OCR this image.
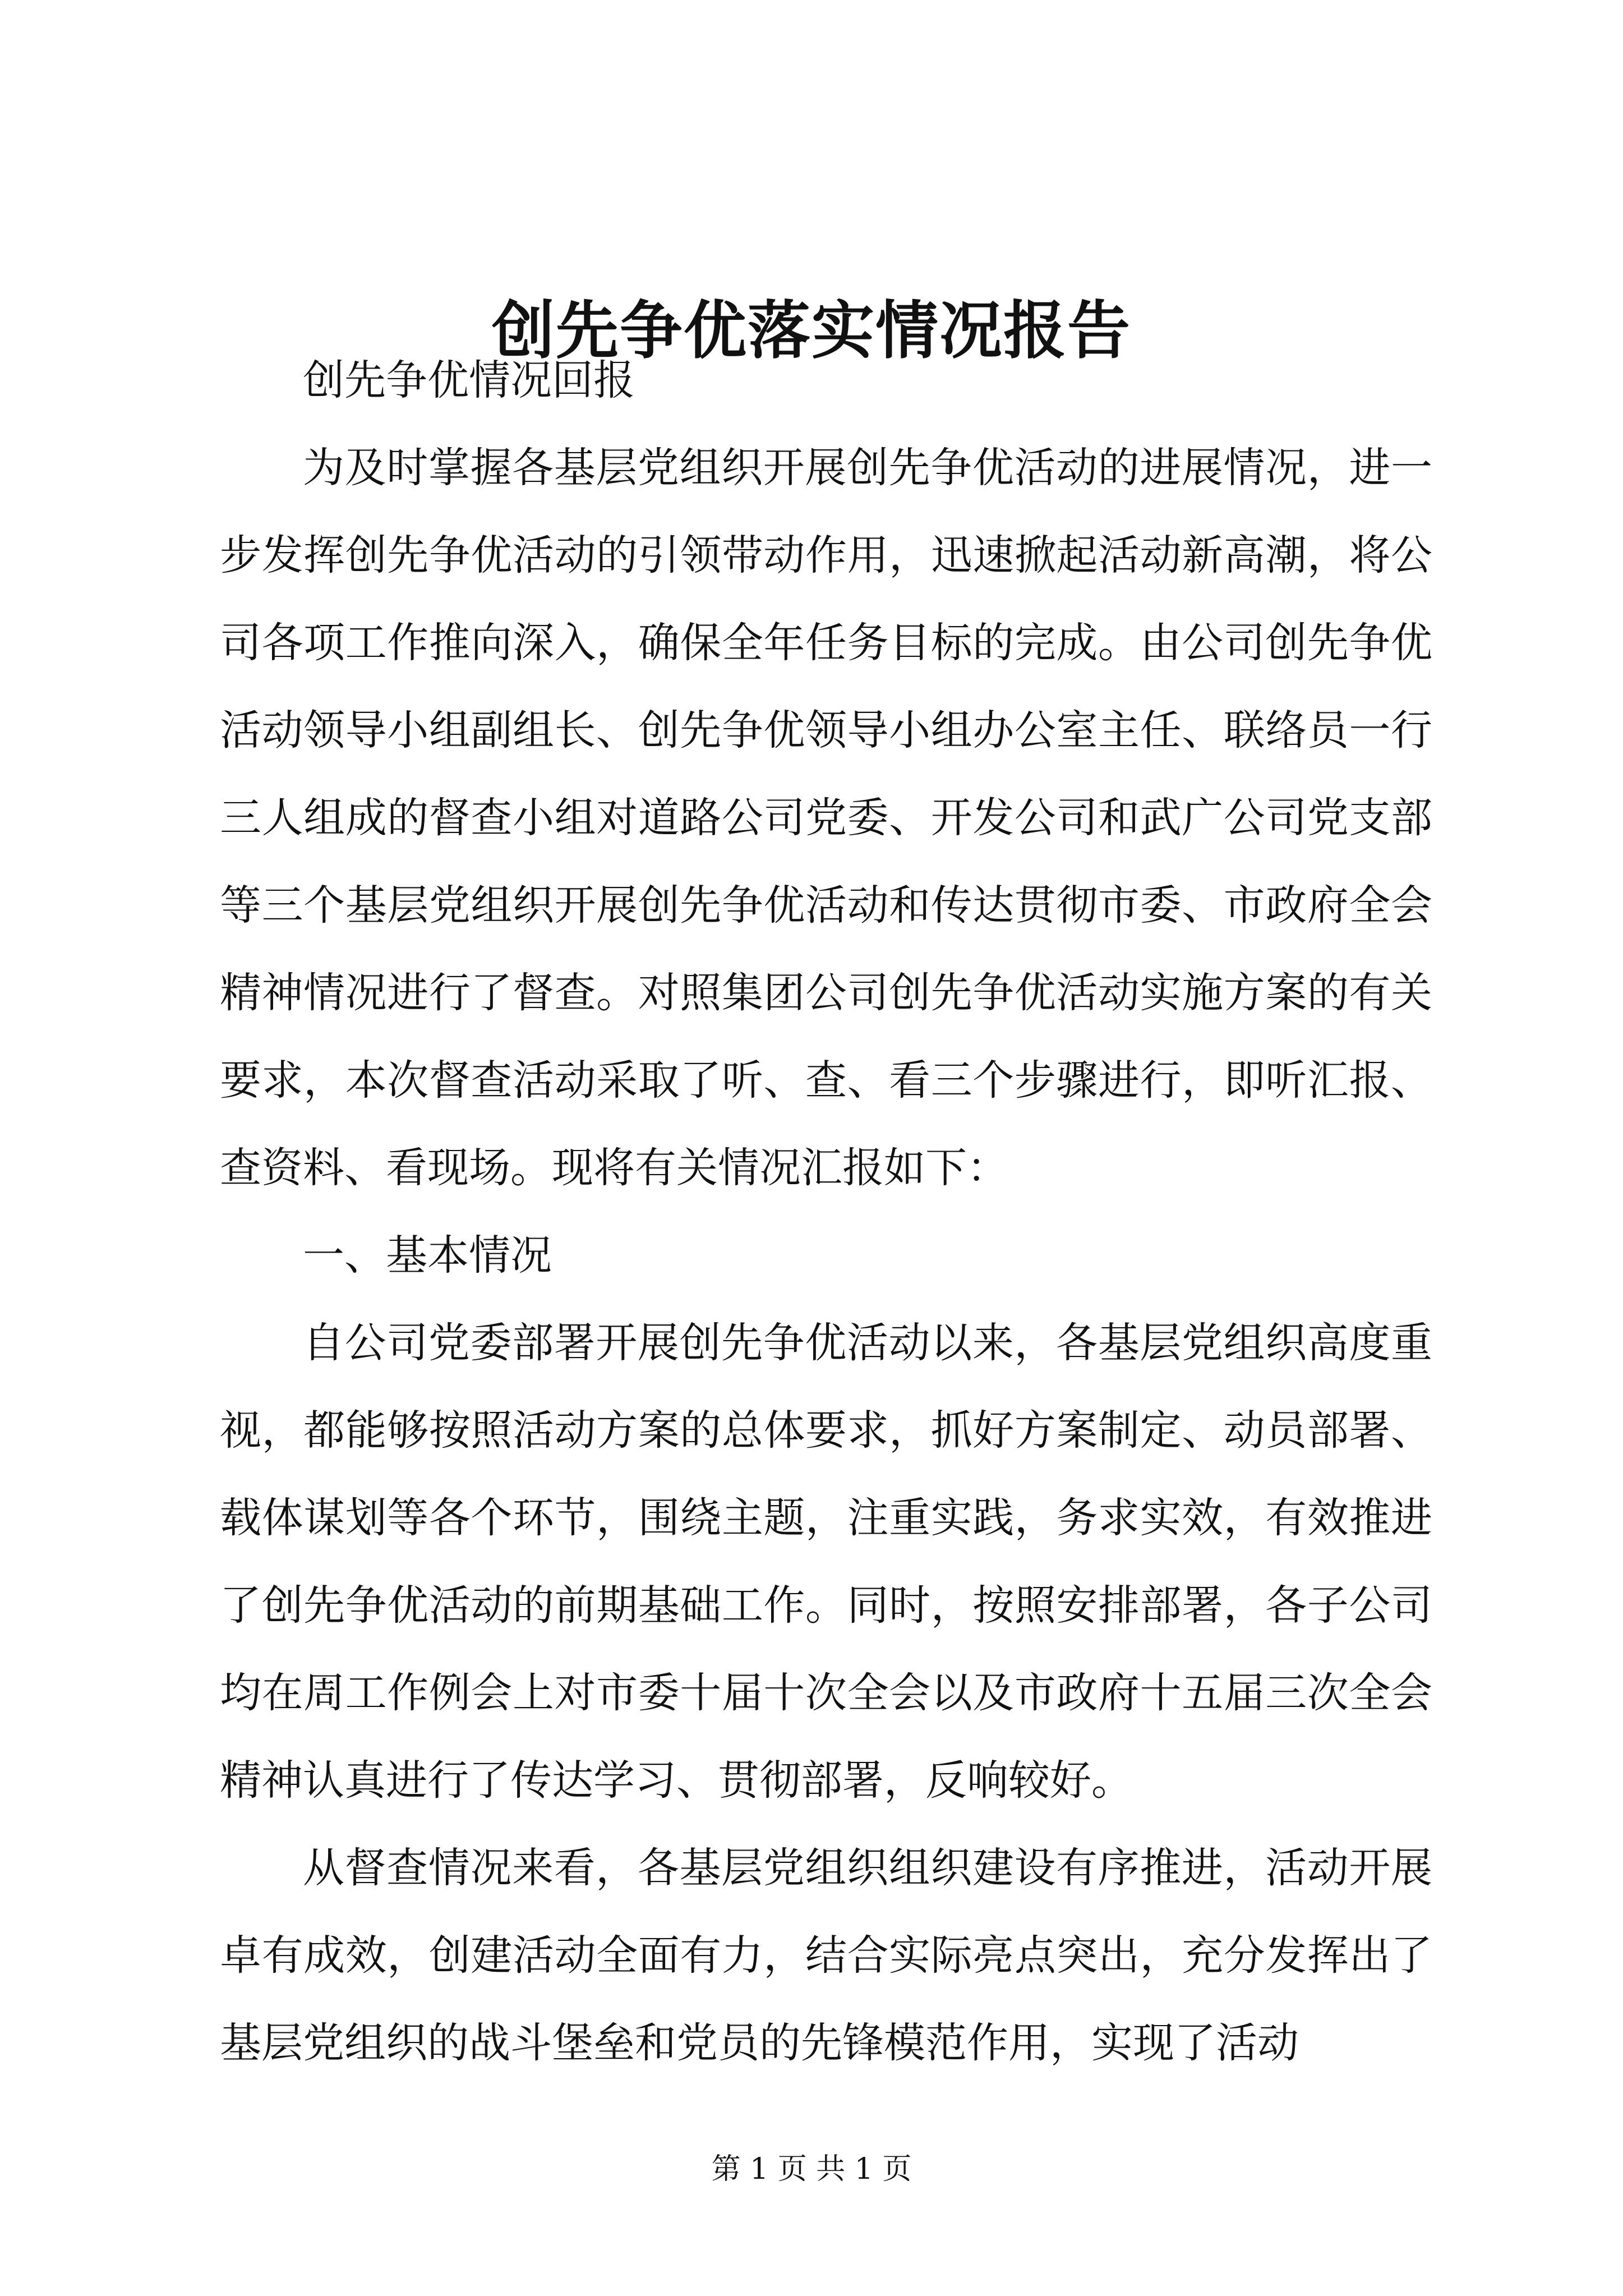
创先争优落实情况报告

创先争优情况回报

为及时掌握各基层党组织开展创先争优活动的进展情况，进一步发挥创先争优活动的引领带动作用，迅速掀起活动新高潮，将公司各项工作推向深入，确保全年任务目标的完成。由公司创先争优活动领导小组副组长、创先争优领导小组办公室主任、联络员一行三人组成的督查小组对道路公司党委、开发公司和武广公司党支部等三个基层党组织开展创先争优活动和传达贯彻市委、市政府全会精神情况进行了督查。对照集团公司创先争优活动实施方案的有关要求，本次督查活动采取了听、查、看三个步骤进行，即听汇报、查资料、看现场。现将有关情况汇报如下：

一、基本情况

自公司党委部署开展创先争优活动以来，各基层党组织高度重视，都能够按照活动方案的总体要求，抓好方案制定、动员部署、载体谋划等各个环节，围绕主题，注重实践，务求实效，有效推进了创先争优活动的前期基础工作。同时，按照安排部署，各子公司均在周工作例会上对市委十届十次全会以及市政府十五届三次全会精神认真进行了传达学习、贯彻部署，反响较好。

从督查情况来看，各基层党组织组织建设有序推进，活动开展卓有成效，创建活动全面有力，结合实际亮点突出，充分发挥出了基层党组织的战斗堡垒和党员的先锋模范作用，实现了活动

第 1 页 共 1 页
